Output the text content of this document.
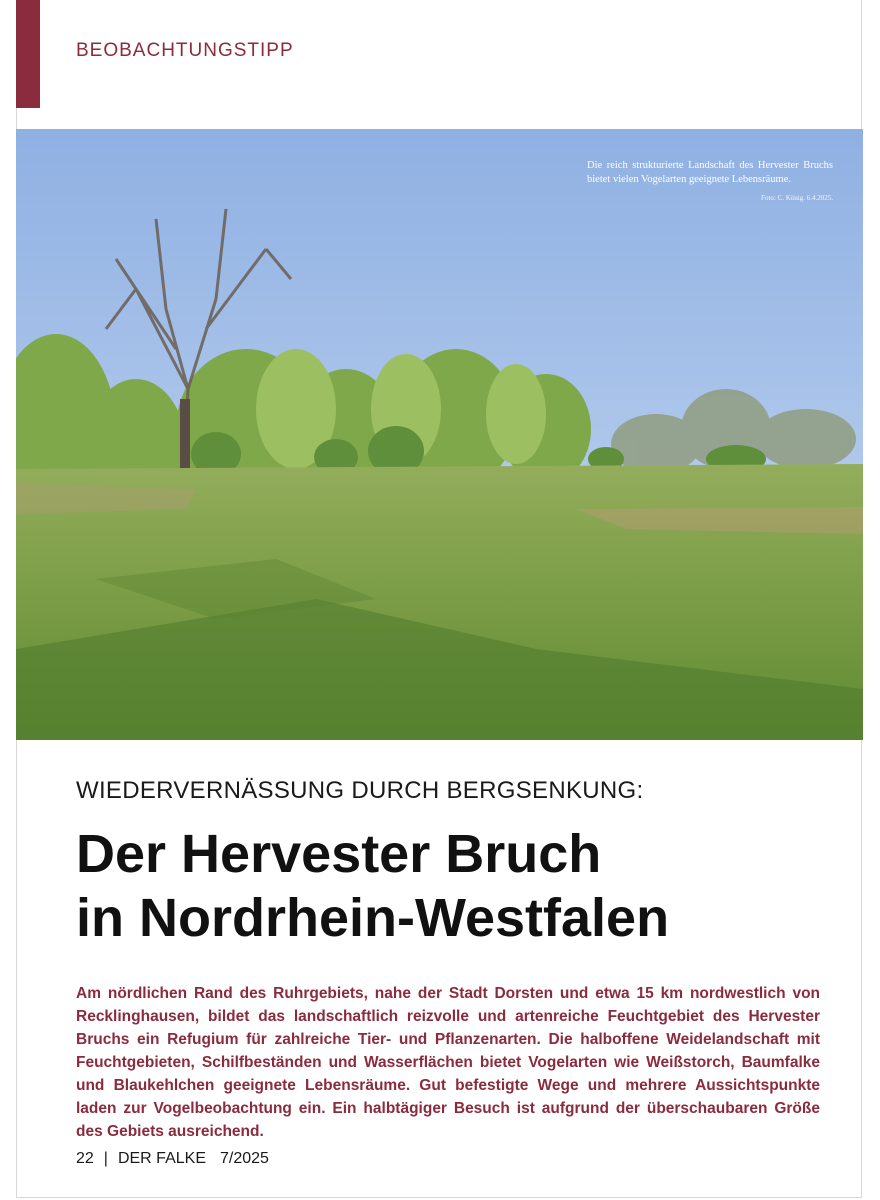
BEOBACHTUNGSTIPP
Die reich strukturierte Landschaft des Hervester Bruchs bietet vielen Vogelarten geeignete Lebensräume.
Foto: C. König. 6.4.2025.
WIEDERVERNÄSSUNG DURCH BERGSENKUNG:
Der Hervester Bruch
in Nordrhein-Westfalen
Am nördlichen Rand des Ruhrgebiets, nahe der Stadt Dorsten und etwa 15 km nordwestlich von Recklinghausen, bildet das landschaftlich reizvolle und artenreiche Feuchtgebiet des Hervester Bruchs ein Refugium für zahlreiche Tier- und Pflanzenarten. Die halboffene Weidelandschaft mit Feuchtgebieten, Schilfbeständen und Wasserflächen bietet Vogelarten wie Weißstorch, Baumfalke und Blaukehlchen geeignete Lebensräume. Gut befestigte Wege und mehrere Aussichtspunkte laden zur Vogelbeobachtung ein. Ein halbtägiger Besuch ist aufgrund der überschaubaren Größe des Gebiets ausreichend.
22 | DER FALKE 7/2025
